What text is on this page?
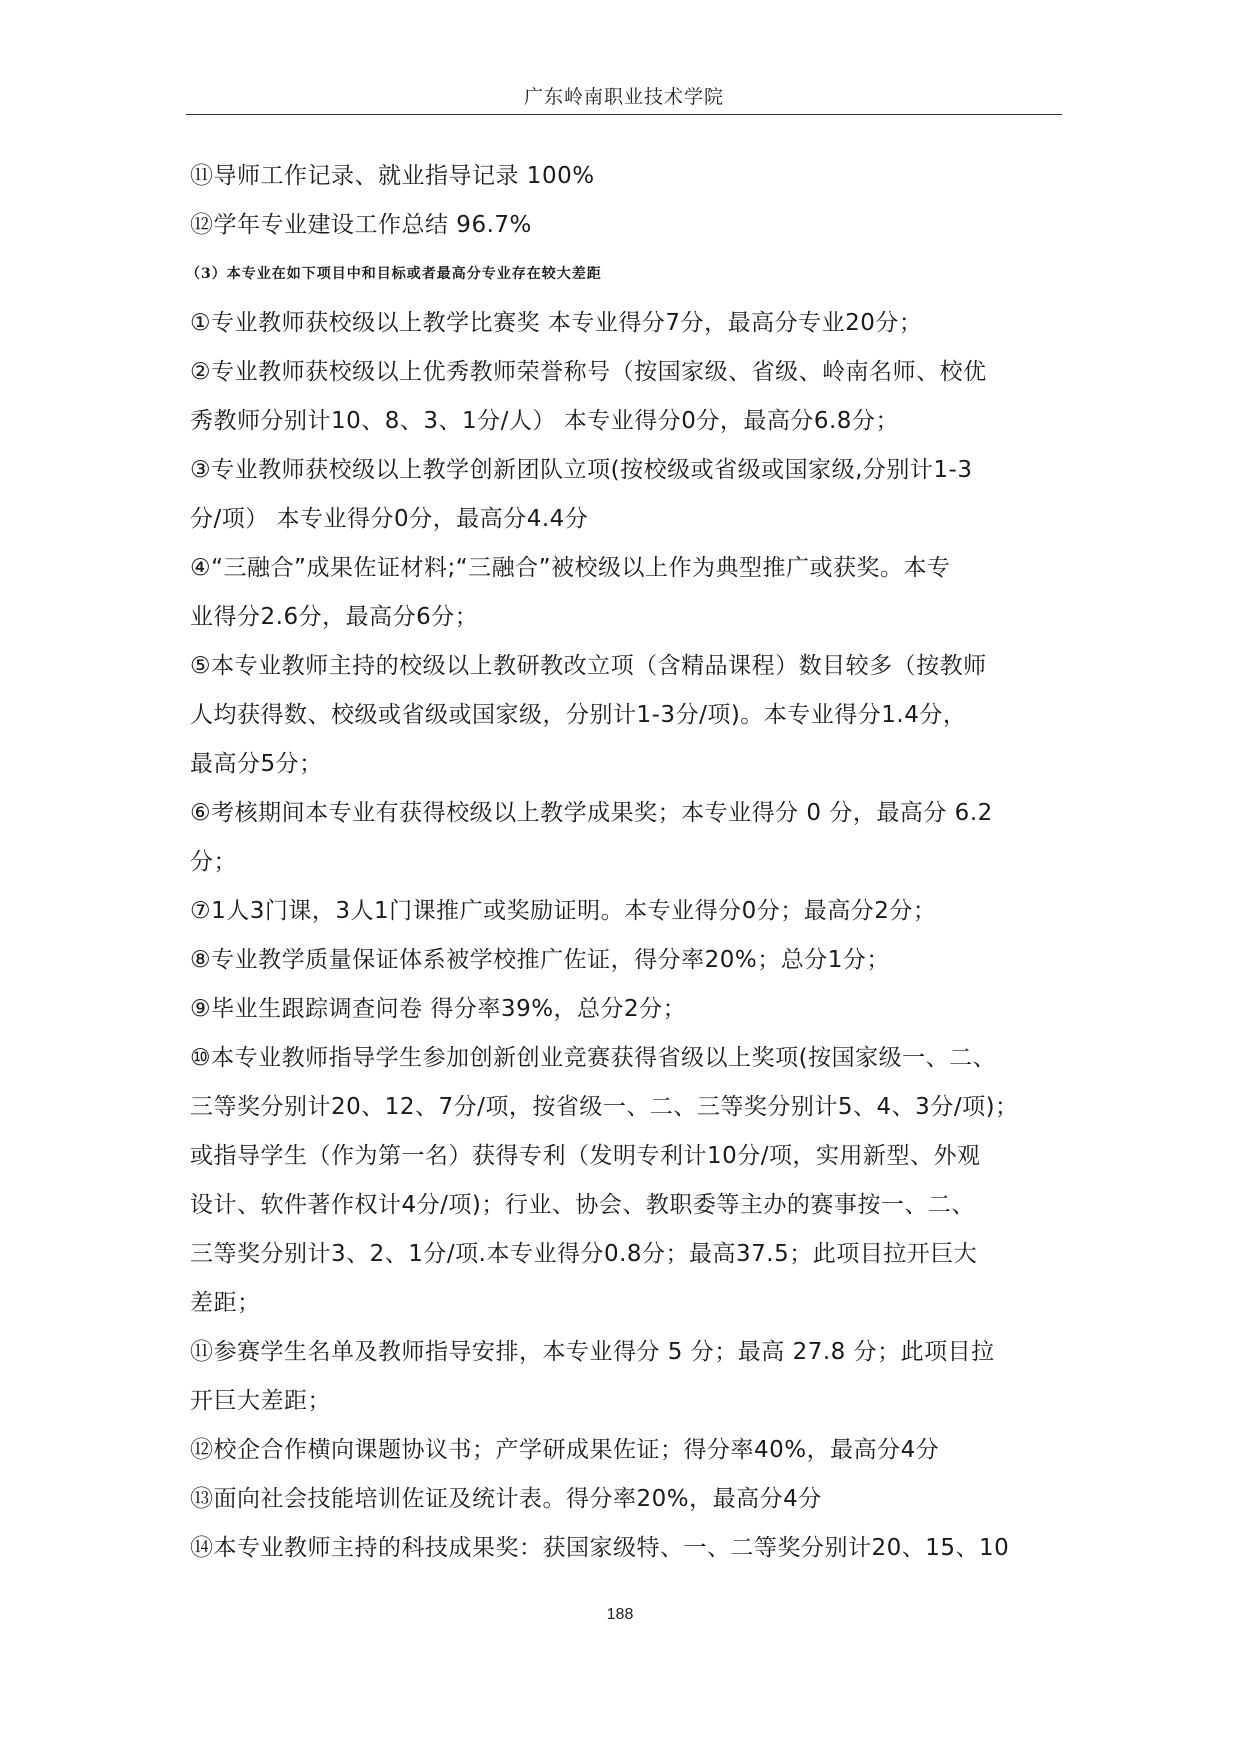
广东岭南职业技术学院
⑪导师工作记录、就业指导记录 100%
⑫学年专业建设工作总结 96.7%
（3）本专业在如下项目中和目标或者最高分专业存在较大差距
①专业教师获校级以上教学比赛奖 本专业得分7分，最高分专业20分；
②专业教师获校级以上优秀教师荣誉称号（按国家级、省级、岭南名师、校优
秀教师分别计10、8、3、1分/人） 本专业得分0分，最高分6.8分；
③专业教师获校级以上教学创新团队立项(按校级或省级或国家级,分别计1-3
分/项） 本专业得分0分，最高分4.4分
④“三融合”成果佐证材料;“三融合”被校级以上作为典型推广或获奖。本专
业得分2.6分，最高分6分；
⑤本专业教师主持的校级以上教研教改立项（含精品课程）数目较多（按教师
人均获得数、校级或省级或国家级，分别计1-3分/项)。本专业得分1.4分，
最高分5分；
⑥考核期间本专业有获得校级以上教学成果奖；本专业得分 0 分，最高分 6.2
分；
⑦1人3门课，3人1门课推广或奖励证明。本专业得分0分；最高分2分；
⑧专业教学质量保证体系被学校推广佐证，得分率20%；总分1分；
⑨毕业生跟踪调查问卷 得分率39%，总分2分；
⑩本专业教师指导学生参加创新创业竞赛获得省级以上奖项(按国家级一、二、
三等奖分别计20、12、7分/项，按省级一、二、三等奖分别计5、4、3分/项)；
或指导学生（作为第一名）获得专利（发明专利计10分/项，实用新型、外观
设计、软件著作权计4分/项)；行业、协会、教职委等主办的赛事按一、二、
三等奖分别计3、2、1分/项.本专业得分0.8分；最高37.5；此项目拉开巨大
差距；
⑪参赛学生名单及教师指导安排，本专业得分 5 分；最高 27.8 分；此项目拉
开巨大差距；
⑫校企合作横向课题协议书；产学研成果佐证；得分率40%，最高分4分
⑬面向社会技能培训佐证及统计表。得分率20%，最高分4分
⑭本专业教师主持的科技成果奖：获国家级特、一、二等奖分别计20、15、10
188
